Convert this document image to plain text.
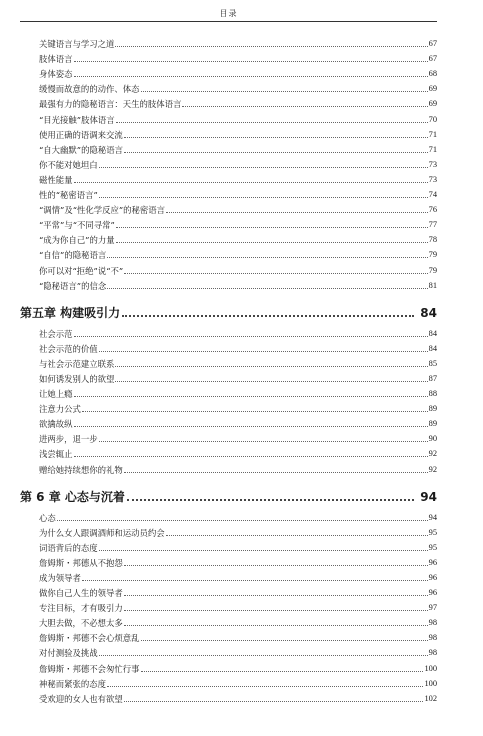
目录
关键语言与学习之道	67
肢体语言	67
身体姿态	68
缓慢而故意的的动作、体态	69
最强有力的隐秘语言：天生的肢体语言	69
“目光接触”肢体语言	70
使用正确的语调来交流	71
“自大幽默”的隐秘语言	71
你不能对她坦白	73
磁性能量	73
性的“秘密语言”	74
“调情”及“性化学反应”的秘密语言	76
“平常”与“不同寻常”	77
“成为你自己”的力量	78
“自信”的隐秘语言	79
你可以对“拒绝”说“不”	79
“隐秘语言”的信念	81
第五章 构建吸引力	84
社会示范	84
社会示范的价值	84
与社会示范建立联系	85
如何诱发别人的欲望	87
让她上瘾	88
注意力公式	89
欲擒故纵	89
进两步，退一步	90
浅尝辄止	92
赠给她持续想你的礼物	92
第 6 章 心态与沉着	94
心态	94
为什么女人跟调酒师和运动员约会	95
词语背后的态度	95
詹姆斯・邦德从不抱怨	96
成为领导者	96
做你自己人生的领导者	96
专注目标，才有吸引力	97
大胆去做，不必想太多	98
詹姆斯・邦德不会心烦意乱	98
对付测验及挑战	98
詹姆斯・邦德不会匆忙行事	100
神秘而紧张的态度	100
受欢迎的女人也有欲望	102
